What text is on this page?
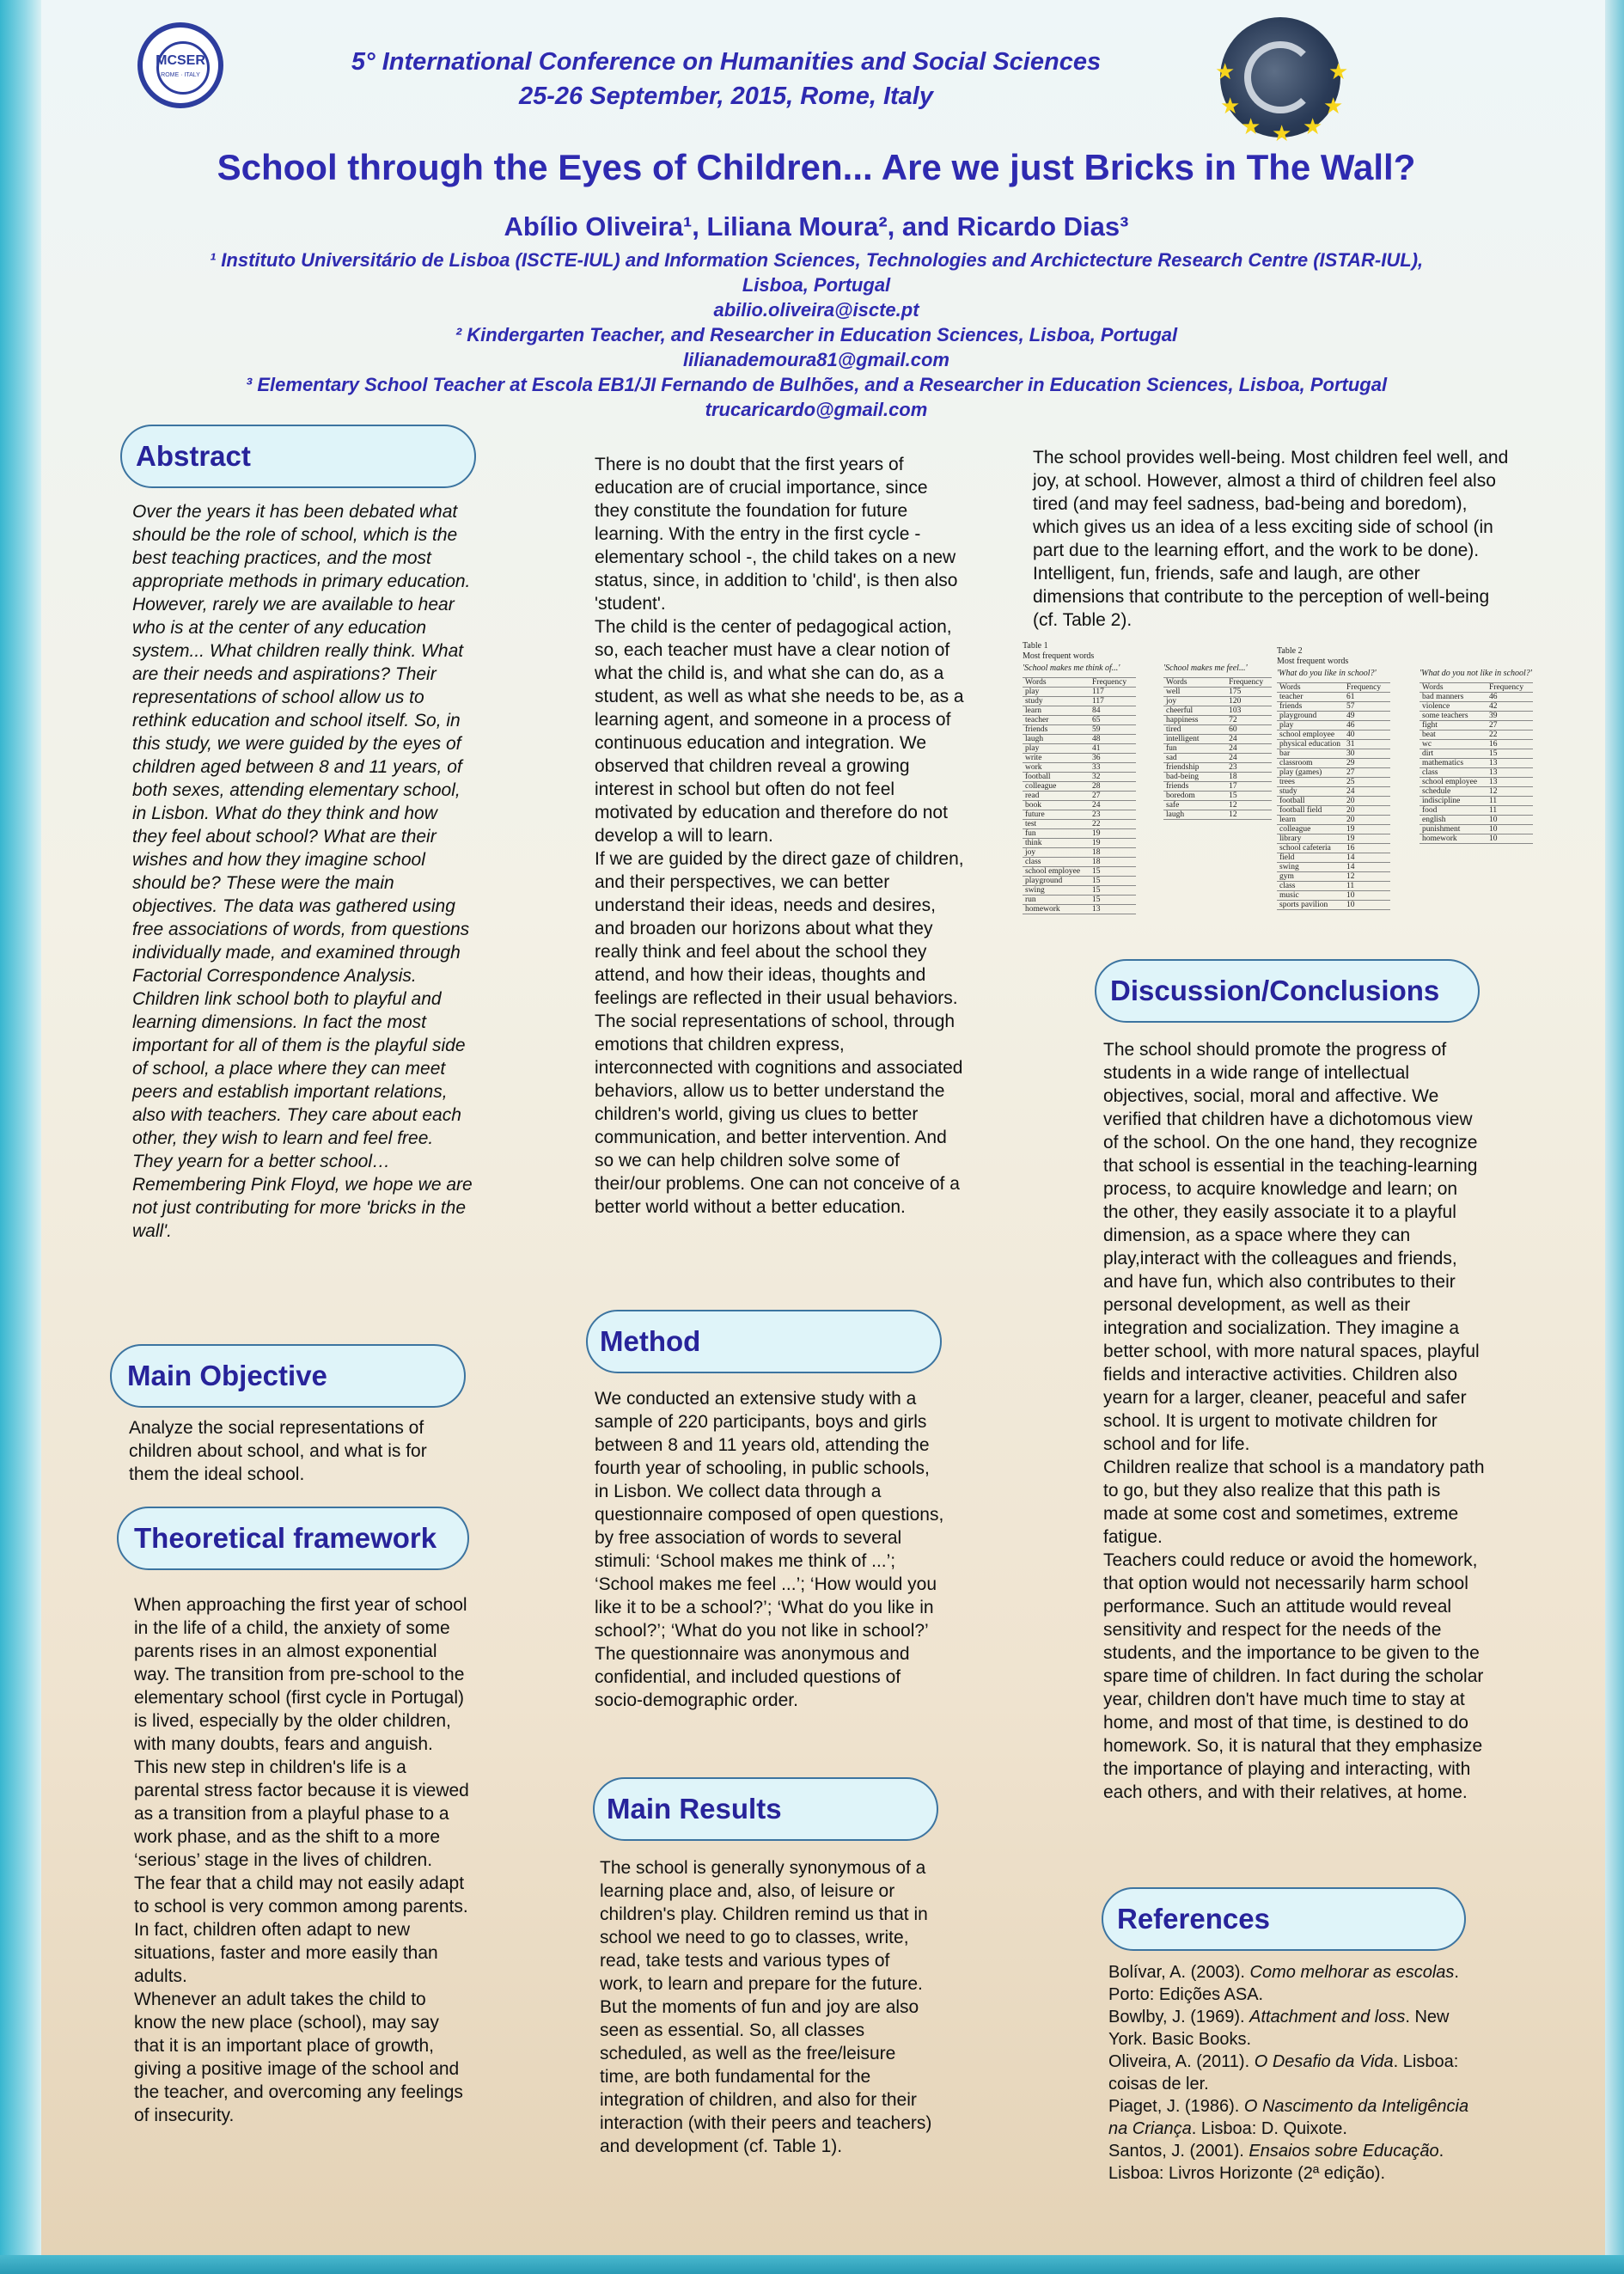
MCSER
ROME · ITALY	★
★
★ ★ ★
★
★
5° International Conference on Humanities and Social Sciences
25-26 September, 2015, Rome, Italy
School through the Eyes of Children... Are we just Bricks in The Wall?
Abílio Oliveira¹, Liliana Moura², and Ricardo Dias³
¹ Instituto Universitário de Lisboa (ISCTE-IUL) and Information Sciences, Technologies and Archictecture Research Centre (ISTAR-IUL),
Lisboa, Portugal
abilio.oliveira@iscte.pt
² Kindergarten Teacher, and Researcher in Education Sciences, Lisboa, Portugal
lilianademoura81@gmail.com
³ Elementary School Teacher at Escola EB1/JI Fernando de Bulhões, and a Researcher in Education Sciences, Lisboa, Portugal
trucaricardo@gmail.com
Abstract

Over the years it has been debated what should be the role of school, which is the best teaching practices, and the most appropriate methods in primary education. However, rarely we are available to hear who is at the center of any education system... What children really think. What are their needs and aspirations? Their representations of school allow us to rethink education and school itself. So, in this study, we were guided by the eyes of children aged between 8 and 11 years, of both sexes, attending elementary school, in Lisbon. What do they think and how they feel about school? What are their wishes and how they imagine school should be? These were the main objectives. The data was gathered using free associations of words, from questions individually made, and examined through Factorial Correspondence Analysis.

Children link school both to playful and learning dimensions. In fact the most important for all of them is the playful side of school, a place where they can meet peers and establish important relations, also with teachers. They care about each other, they wish to learn and feel free. They yearn for a better school… Remembering Pink Floyd, we hope we are not just contributing for more 'bricks in the wall'.

Main Objective
Analyze the social representations of children about school, and what is for them the ideal school.
Theoretical framework

When approaching the first year of school in the life of a child, the anxiety of some parents rises in an almost exponential way. The transition from pre-school to the elementary school (first cycle in Portugal) is lived, especially by the older children, with many doubts, fears and anguish.

This new step in children's life is a parental stress factor because it is viewed as a transition from a playful phase to a work phase, and as the shift to a more ‘serious’ stage in the lives of children.

The fear that a child may not easily adapt to school is very common among parents. In fact, children often adapt to new situations, faster and more easily than adults.

Whenever an adult takes the child to know the new place (school), may say that it is an important place of growth, giving a positive image of the school and the teacher, and overcoming any feelings of insecurity.

There is no doubt that the first years of education are of crucial importance, since they constitute the foundation for future learning. With the entry in the first cycle - elementary school -, the child takes on a new status, since, in addition to 'child', is then also 'student'.

The child is the center of pedagogical action, so, each teacher must have a clear notion of what the child is, and what she can do, as a student, as well as what she needs to be, as a learning agent, and someone in a process of continuous education and integration. We observed that children reveal a growing interest in school but often do not feel motivated by education and therefore do not develop a will to learn.

If we are guided by the direct gaze of children, and their perspectives, we can better understand their ideas, needs and desires, and broaden our horizons about what they really think and feel about the school they attend, and how their ideas, thoughts and feelings are reflected in their usual behaviors.

The social representations of school, through emotions that children express, interconnected with cognitions and associated behaviors, allow us to better understand the children's world, giving us clues to better communication, and better intervention. And so we can help children solve some of their/our problems. One can not conceive of a better world without a better education.

Method

We conducted an extensive study with a sample of 220 participants, boys and girls between 8 and 11 years old, attending the fourth year of schooling, in public schools, in Lisbon. We collect data through a questionnaire composed of open questions, by free association of words to several stimuli: ‘School makes me think of ...’; ‘School makes me feel ...’; ‘How would you like it to be a school?’; ‘What do you like in school?’; ‘What do you not like in school?’

The questionnaire was anonymous and confidential, and included questions of socio-demographic order.

Main Results
The school is generally synonymous of a learning place and, also, of leisure or children's play. Children remind us that in school we need to go to classes, write, read, take tests and various types of work, to learn and prepare for the future. But the moments of fun and joy are also seen as essential. So, all classes scheduled, as well as the free/leisure time, are both fundamental for the integration of children, and also for their interaction (with their peers and teachers) and development (cf. Table 1).
The school provides well-being. Most children feel well, and joy, at school. However, almost a third of children feel also tired (and may feel sadness, bad-being and boredom), which gives us an idea of a less exciting side of school (in part due to the learning effort, and the work to be done). Intelligent, fun, friends, safe and laugh, are other dimensions that contribute to the perception of well-being (cf. Table 2).
Table 1
Most frequent words
'School makes me think of...'
Words	Frequency
play	117
study	117
learn	84
teacher	65
friends	59
laugh	48
play	41
write	36
work	33
football	32
colleague	28
read	27
book	24
future	23
test	22
fun	19
think	19
joy	18
class	18
school employee	15
playground	15
swing	15
run	15
homework	13
'School makes me feel...'
Words	Frequency
well	175
joy	120
cheerful	103
happiness	72
tired	60
intelligent	24
fun	24
sad	24
friendship	23
bad-being	18
friends	17
boredom	15
safe	12
laugh	12
Table 2
Most frequent words
'What do you like in school?'
Words	Frequency
teacher	61
friends	57
playground	49
play	46
school employee	40
physical education	31
bar	30
classroom	29
play (games)	27
trees	25
study	24
football	20
football field	20
learn	20
colleague	19
library	19
school cafeteria	16
field	14
swing	14
gym	12
class	11
music	10
sports pavilion	10
'What do you not like in school?'
Words	Frequency
bad manners	46
violence	42
some teachers	39
fight	27
beat	22
wc	16
dirt	15
mathematics	13
class	13
school employee	13
schedule	12
indiscipline	11
food	11
english	10
punishment	10
homework	10
Discussion/Conclusions

The school should promote the progress of students in a wide range of intellectual objectives, social, moral and affective. We verified that children have a dichotomous view of the school. On the one hand, they recognize that school is essential in the teaching-learning process, to acquire knowledge and learn; on the other, they easily associate it to a playful dimension, as a space where they can play,interact with the colleagues and friends, and have fun, which also contributes to their personal development, as well as their integration and socialization. They imagine a better school, with more natural spaces, playful fields and interactive activities. Children also yearn for a larger, cleaner, peaceful and safer school. It is urgent to motivate children for school and for life.

Children realize that school is a mandatory path to go, but they also realize that this path is made at some cost and sometimes, extreme fatigue.

Teachers could reduce or avoid the homework, that option would not necessarily harm school performance. Such an attitude would reveal sensitivity and respect for the needs of the students, and the importance to be given to the spare time of children. In fact during the scholar year, children don't have much time to stay at home, and most of that time, is destined to do homework. So, it is natural that they emphasize the importance of playing and interacting, with each others, and with their relatives, at home.

References

Bolívar, A. (2003). Como melhorar as escolas. Porto: Edições ASA.

Bowlby, J. (1969). Attachment and loss. New York. Basic Books.

Oliveira, A. (2011). O Desafio da Vida. Lisboa: coisas de ler.

Piaget, J. (1986). O Nascimento da Inteligência na Criança. Lisboa: D. Quixote.

Santos, J. (2001). Ensaios sobre Educação. Lisboa: Livros Horizonte (2ª edição).
